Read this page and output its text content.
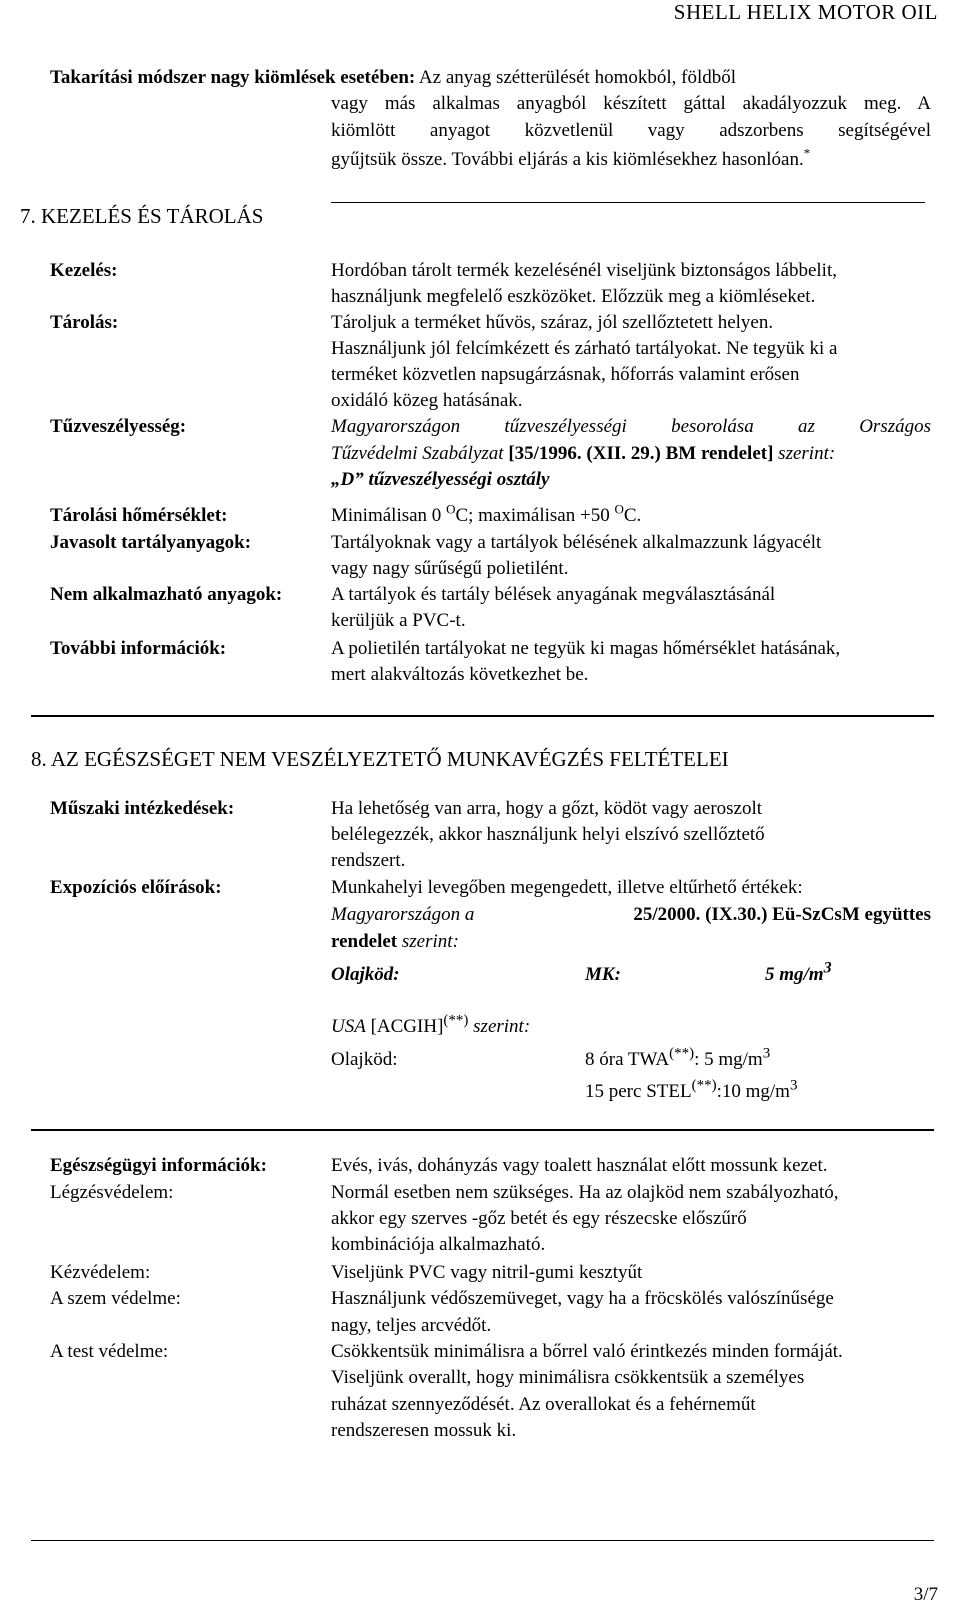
SHELL HELIX MOTOR OIL
Takarítási módszer nagy kiömlések esetében: Az anyag szétterülését homokból, földből
vagy más alkalmas anyagból készített gáttal akadályozzuk meg. A
kiömlött anyagot közvetlenül vagy adszorbens segítségével
gyűjtsük össze. További eljárás a kis kiömlésekhez hasonlóan.*
7. KEZELÉS ÉS TÁROLÁS
Kezelés:	Hordóban tárolt termék kezelésénél viseljünk biztonságos lábbelit,
használjunk megfelelő eszközöket. Előzzük meg a kiömléseket.
Tárolás:	Tároljuk a terméket hűvös, száraz, jól szellőztetett helyen.
Használjunk jól felcímkézett és zárható tartályokat. Ne tegyük ki a
terméket közvetlen napsugárzásnak, hőforrás valamint erősen
oxidáló közeg hatásának.
Tűzveszélyesség:	Magyarországon tűzveszélyességi besorolása az Országos
Tűzvédelmi Szabályzat [35/1996. (XII. 29.) BM rendelet] szerint:
„D” tűzveszélyességi osztály
Tárolási hőmérséklet:	Minimálisan 0 $^O$C; maximálisan +50 $^O$C.
Javasolt tartályanyagok:	Tartályoknak vagy a tartályok bélésének alkalmazzunk lágyacélt
vagy nagy sűrűségű polietilént.
Nem alkalmazható anyagok:	A tartályok és tartály bélések anyagának megválasztásánál
kerüljük a PVC-t.
További információk:	A polietilén tartályokat ne tegyük ki magas hőmérséklet hatásának,
mert alakváltozás következhet be.
8. AZ EGÉSZSÉGET NEM VESZÉLYEZTETŐ MUNKAVÉGZÉS FELTÉTELEI
Műszaki intézkedések:	Ha lehetőség van arra, hogy a gőzt, ködöt vagy aeroszolt
belélegezzék, akkor használjunk helyi elszívó szellőztető
rendszert.
Expozíciós előírások:	Munkahelyi levegőben megengedett, illetve eltűrhető értékek:
Magyarországon a	25/2000. (IX.30.) Eü-SzCsM együttes
rendelet szerint:
Olajköd:	MK:	5 $mg/m^3$
USA [ACGIH](**) szerint:
Olajköd:	8 óra TWA(**): 5 $mg/m^3$
15 perc STEL(**):10 $mg/m^3$
Egészségügyi információk:	Evés, ivás, dohányzás vagy toalett használat előtt mossunk kezet.
Légzésvédelem:	Normál esetben nem szükséges. Ha az olajköd nem szabályozható,
akkor egy szerves -gőz betét és egy részecske előszűrő
kombinációja alkalmazható.
Kézvédelem:	Viseljünk PVC vagy nitril-gumi kesztyűt
A szem védelme:	Használjunk védőszemüveget, vagy ha a fröcskölés valószínűsége
nagy, teljes arcvédőt.
A test védelme:	Csökkentsük minimálisra a bőrrel való érintkezés minden formáját.
Viseljünk overallt, hogy minimálisra csökkentsük a személyes
ruházat szennyeződését. Az overallokat és a fehérneműt
rendszeresen mossuk ki.
3/7
